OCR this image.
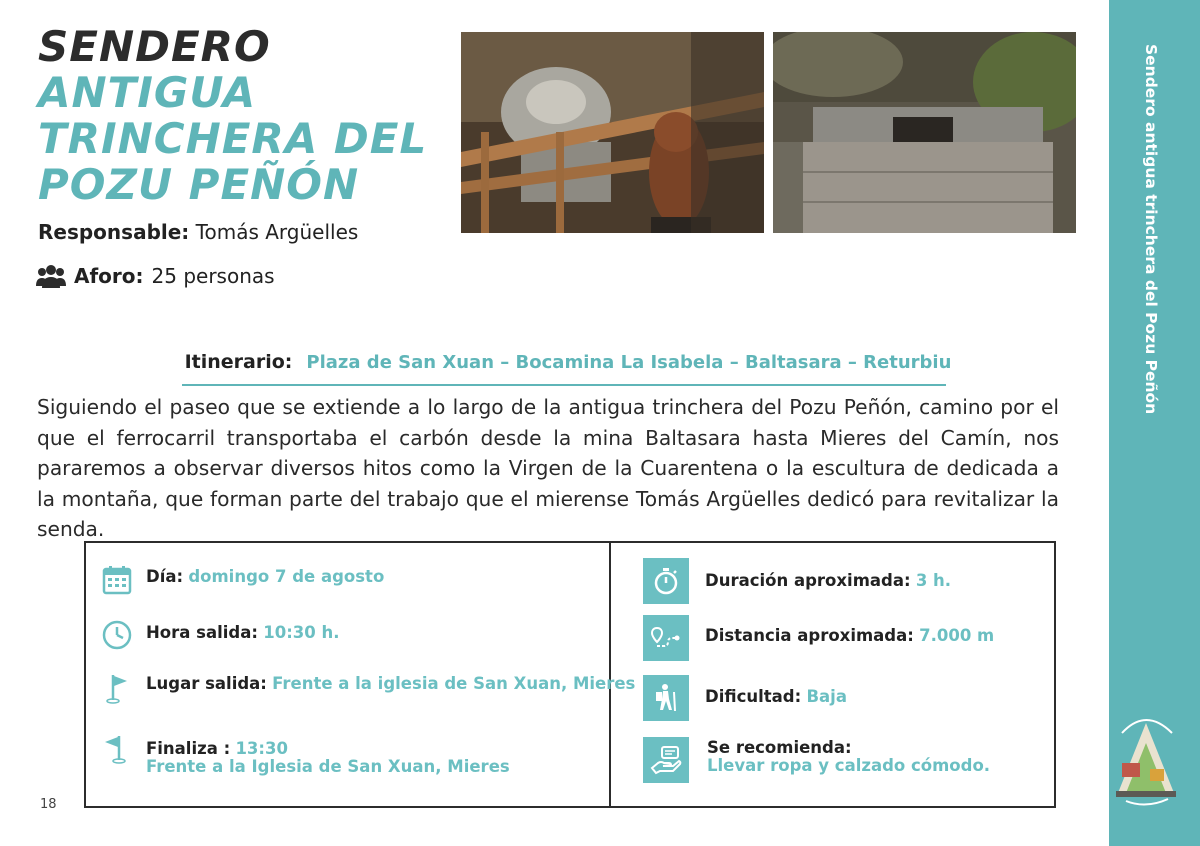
SENDERO ANTIGUA TRINCHERA DEL POZU PEÑÓN
Responsable: Tomás Argüelles
Aforo: 25 personas
Itinerario: Plaza de San Xuan – Bocamina La Isabela – Baltasara – Returbiu

Siguiendo el paseo que se extiende a lo largo de la antigua trinchera del Pozu Peñón, camino por el que el ferrocarril transportaba el carbón desde la mina Baltasara hasta Mieres del Camín, nos pararemos a observar diversos hitos como la Virgen de la Cuarentena o la escultura de dedicada a la montaña, que forman parte del trabajo que el mierense Tomás Argüelles dedicó para revitalizar la senda.

Día:
domingo 7 de agosto
Hora salida:
10:30 h.
Lugar salida:
Frente a la iglesia de San Xuan, Mieres
Finaliza : 13:30
Frente a la Iglesia de San Xuan, Mieres
Duración aproximada:
3 h.
Distancia aproximada:
7.000 m
Dificultad:
Baja
Se recomienda:
Llevar ropa y calzado cómodo.
18
Sendero antigua trinchera del Pozu Peñón
